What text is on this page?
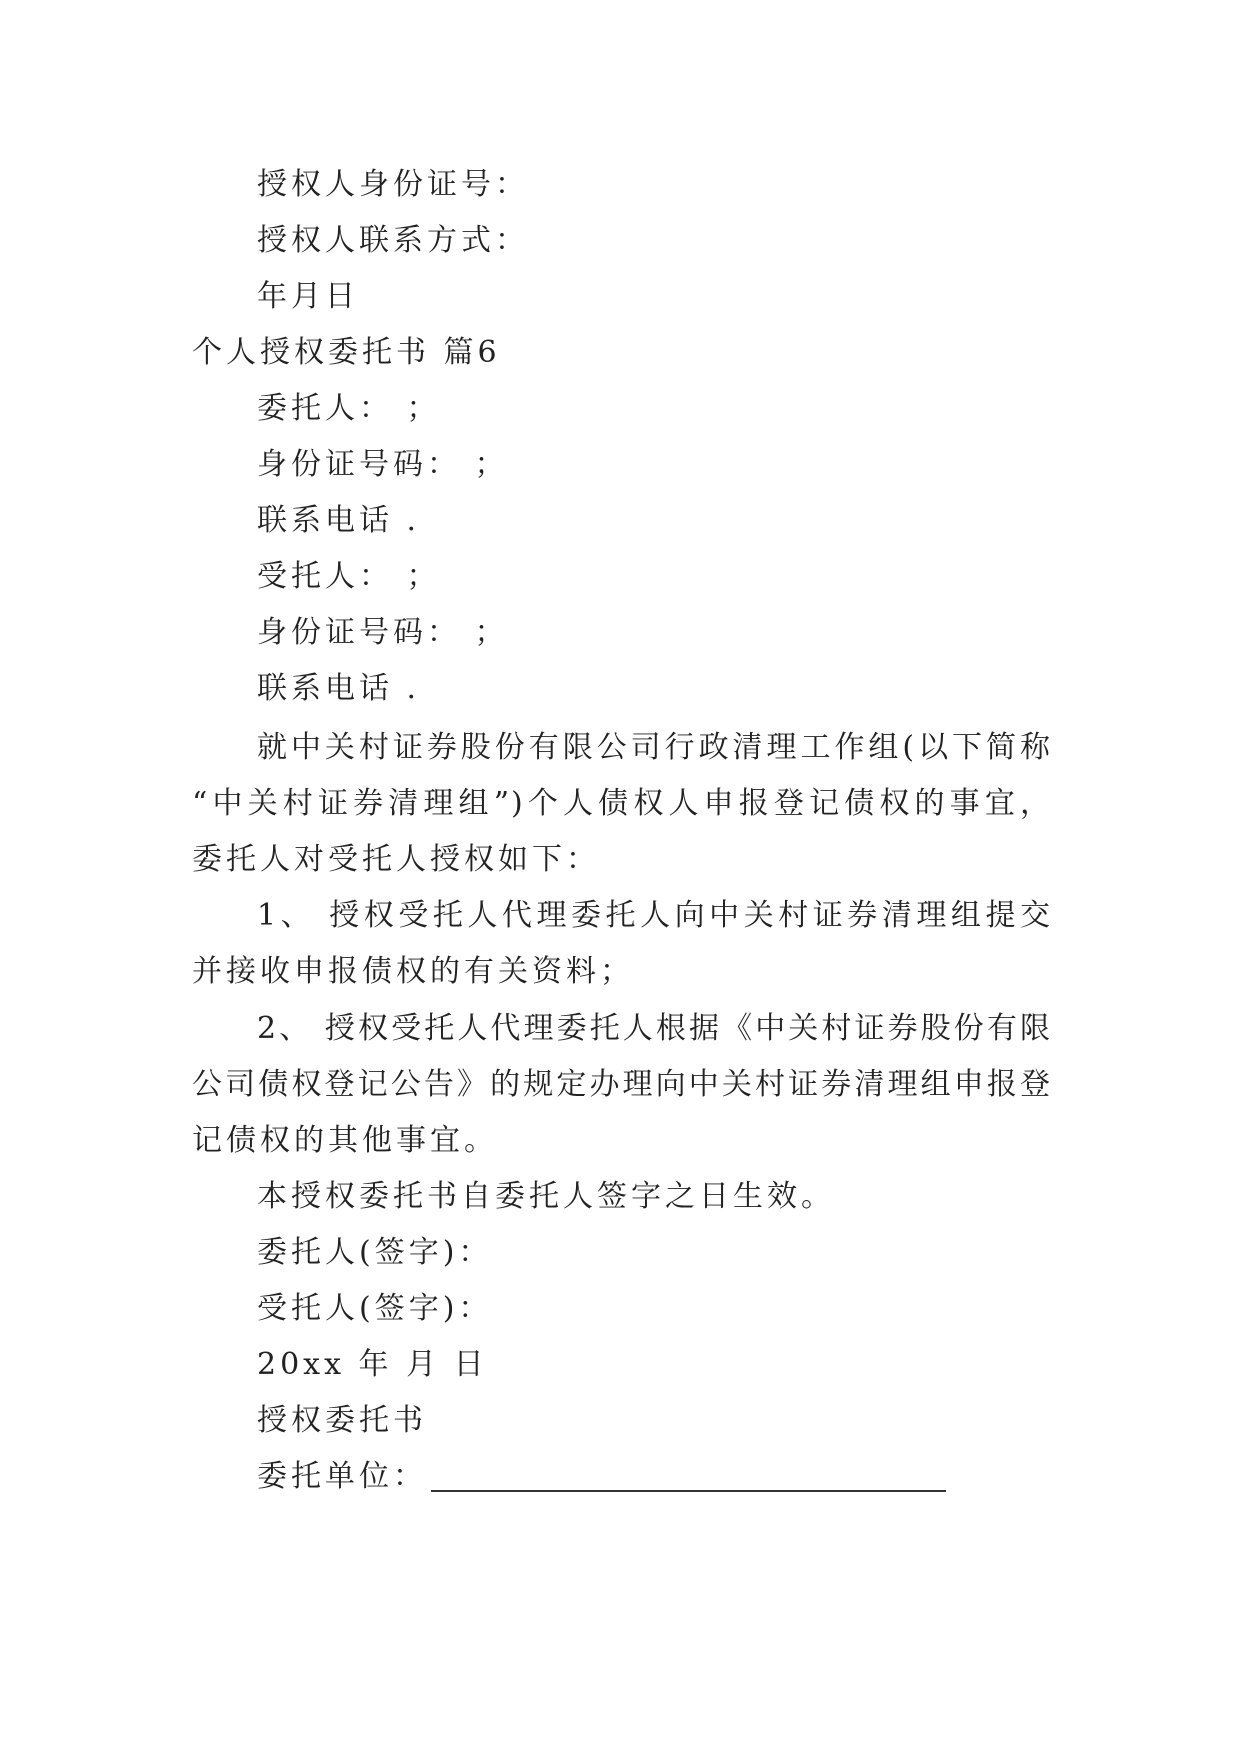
授权人身份证号：
授权人联系方式：
年月日
个人授权委托书 篇6
委托人： ；
身份证号码： ；
联系电话 .
受托人： ；
身份证号码： ；
联系电话 .
就中关村证券股份有限公司行政清理工作组(以下简称
“中关村证券清理组”)个人债权人申报登记债权的事宜，
委托人对受托人授权如下：
1、 授权受托人代理委托人向中关村证券清理组提交
并接收申报债权的有关资料；
2、 授权受托人代理委托人根据《中关村证券股份有限
公司债权登记公告》的规定办理向中关村证券清理组申报登
记债权的其他事宜。
本授权委托书自委托人签字之日生效。
委托人(签字)：
受托人(签字)：
20xx 年 月 日
授权委托书
委托单位：
